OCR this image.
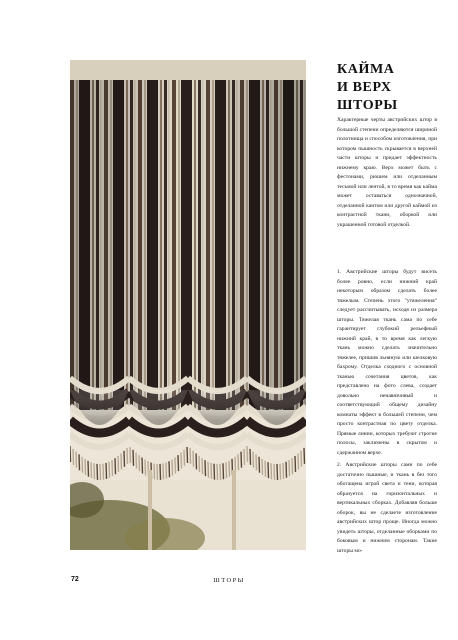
КАЙМА
И ВЕРХ ШТОРЫ

Характерные черты австрийских штор в большой степени определяются шириной полотнища и способом изготовления, при котором пышность скрывается в верхней части шторы и придает эффектность нижнему краю. Верх может быть с фестонами, рюшем или отделанным тесьмой или лентой, в то время как кайма может оставаться однозначной, отделанной кантом или другой каймой из контрастной ткани, оборкой или украшенной готовой отделкой.

1. Австрийские шторы будут висеть более ровно, если нижний край некоторым образом сделать более тяжелым. Степень этого "утяжеления" следует рассчитывать, исходя из размера шторы. Тяжелая ткань сама по себе гарантирует глубокий рельефный нижний край, в то время как легкую ткань можно сделать значительно тяжелее, пришив льняную или шелковую бахрому. Отделка сходного с основной тканью сочетания цветов, как представлено на фото слева, создает довольно ненавязчивый и соответствующий общему дизайну комнаты эффект в большей степени, чем просто контрастная по цвету отделка. Прямые линии, которых требуют строгие полосы, заключены в скрытом и сдержанном верхе.

2. Австрийские шторы сами по себе достаточно пышные, и ткань в без того обогащена игрой света и тени, которая образуется на горизонтальных и вертикальных сборках. Добавляя больше оборок, вы не сделаете изготовление австрийских штор проще. Иногда можно увидеть шторы, отделанные оборками по боковым и нижним сторонам. Такие шторы мо-

72	ШТОРЫ
